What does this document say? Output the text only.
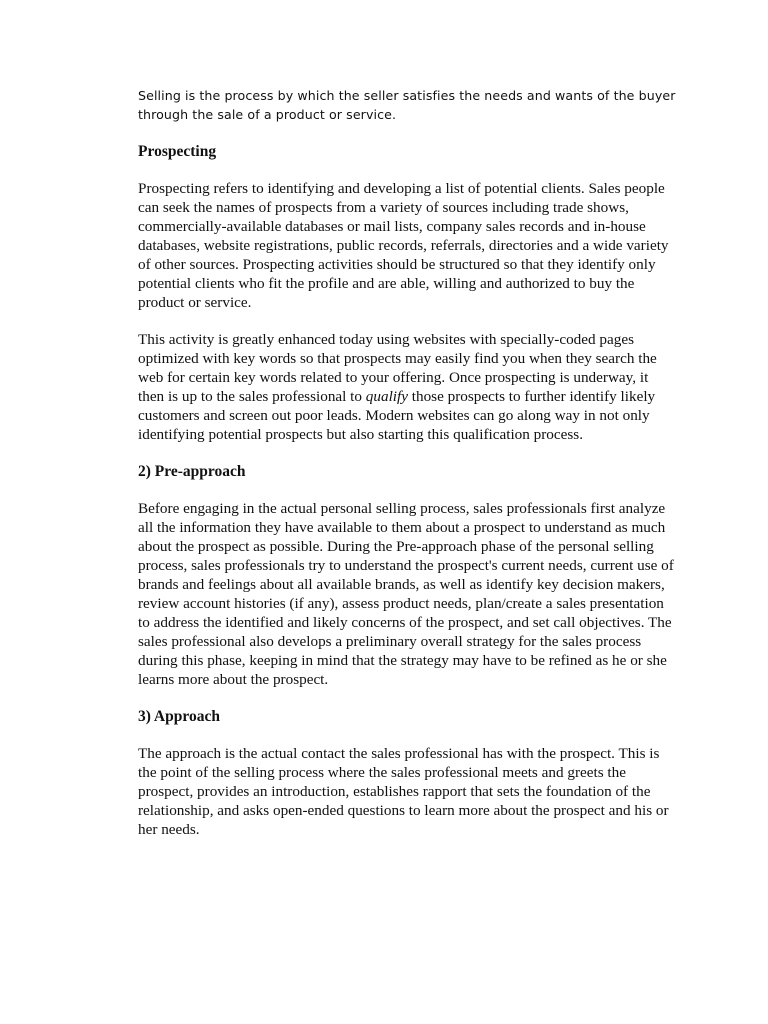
Selling is the process by which the seller satisfies the needs and wants of the buyer through the sale of a product or service.

Prospecting

Prospecting refers to identifying and developing a list of potential clients. Sales people can seek the names of prospects from a variety of sources including trade shows, commercially-available databases or mail lists, company sales records and in-house databases, website registrations, public records, referrals, directories and a wide variety of other sources. Prospecting activities should be structured so that they identify only potential clients who fit the profile and are able, willing and authorized to buy the product or service.

This activity is greatly enhanced today using websites with specially-coded pages optimized with key words so that prospects may easily find you when they search the web for certain key words related to your offering. Once prospecting is underway, it then is up to the sales professional to qualify those prospects to further identify likely customers and screen out poor leads. Modern websites can go along way in not only identifying potential prospects but also starting this qualification process.

2) Pre-approach

Before engaging in the actual personal selling process, sales professionals first analyze all the information they have available to them about a prospect to understand as much about the prospect as possible. During the Pre-approach phase of the personal selling process, sales professionals try to understand the prospect's current needs, current use of brands and feelings about all available brands, as well as identify key decision makers, review account histories (if any), assess product needs, plan/create a sales presentation to address the identified and likely concerns of the prospect, and set call objectives. The sales professional also develops a preliminary overall strategy for the sales process during this phase, keeping in mind that the strategy may have to be refined as he or she learns more about the prospect.

3) Approach

The approach is the actual contact the sales professional has with the prospect. This is the point of the selling process where the sales professional meets and greets the prospect, provides an introduction, establishes rapport that sets the foundation of the relationship, and asks open-ended questions to learn more about the prospect and his or her needs.
